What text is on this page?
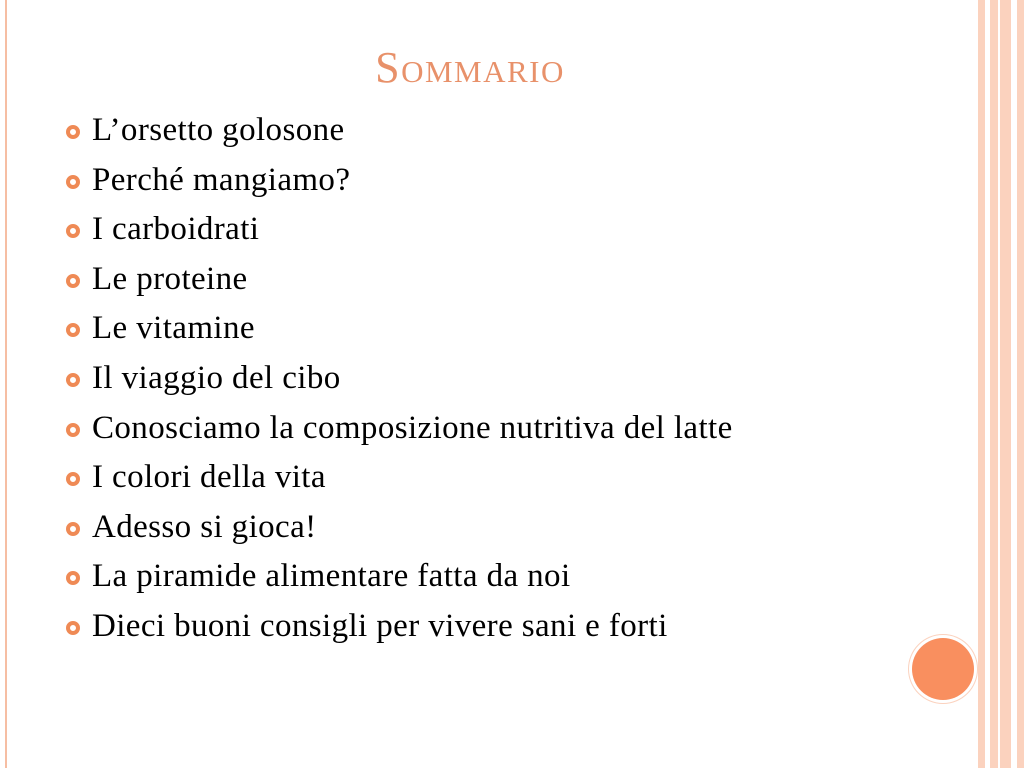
Sommario
L’orsetto golosone
Perché mangiamo?
I carboidrati
Le proteine
Le vitamine
Il viaggio del cibo
Conosciamo la composizione nutritiva del latte
I colori della vita
Adesso si gioca!
La piramide alimentare fatta da noi
Dieci buoni consigli per vivere sani e forti
